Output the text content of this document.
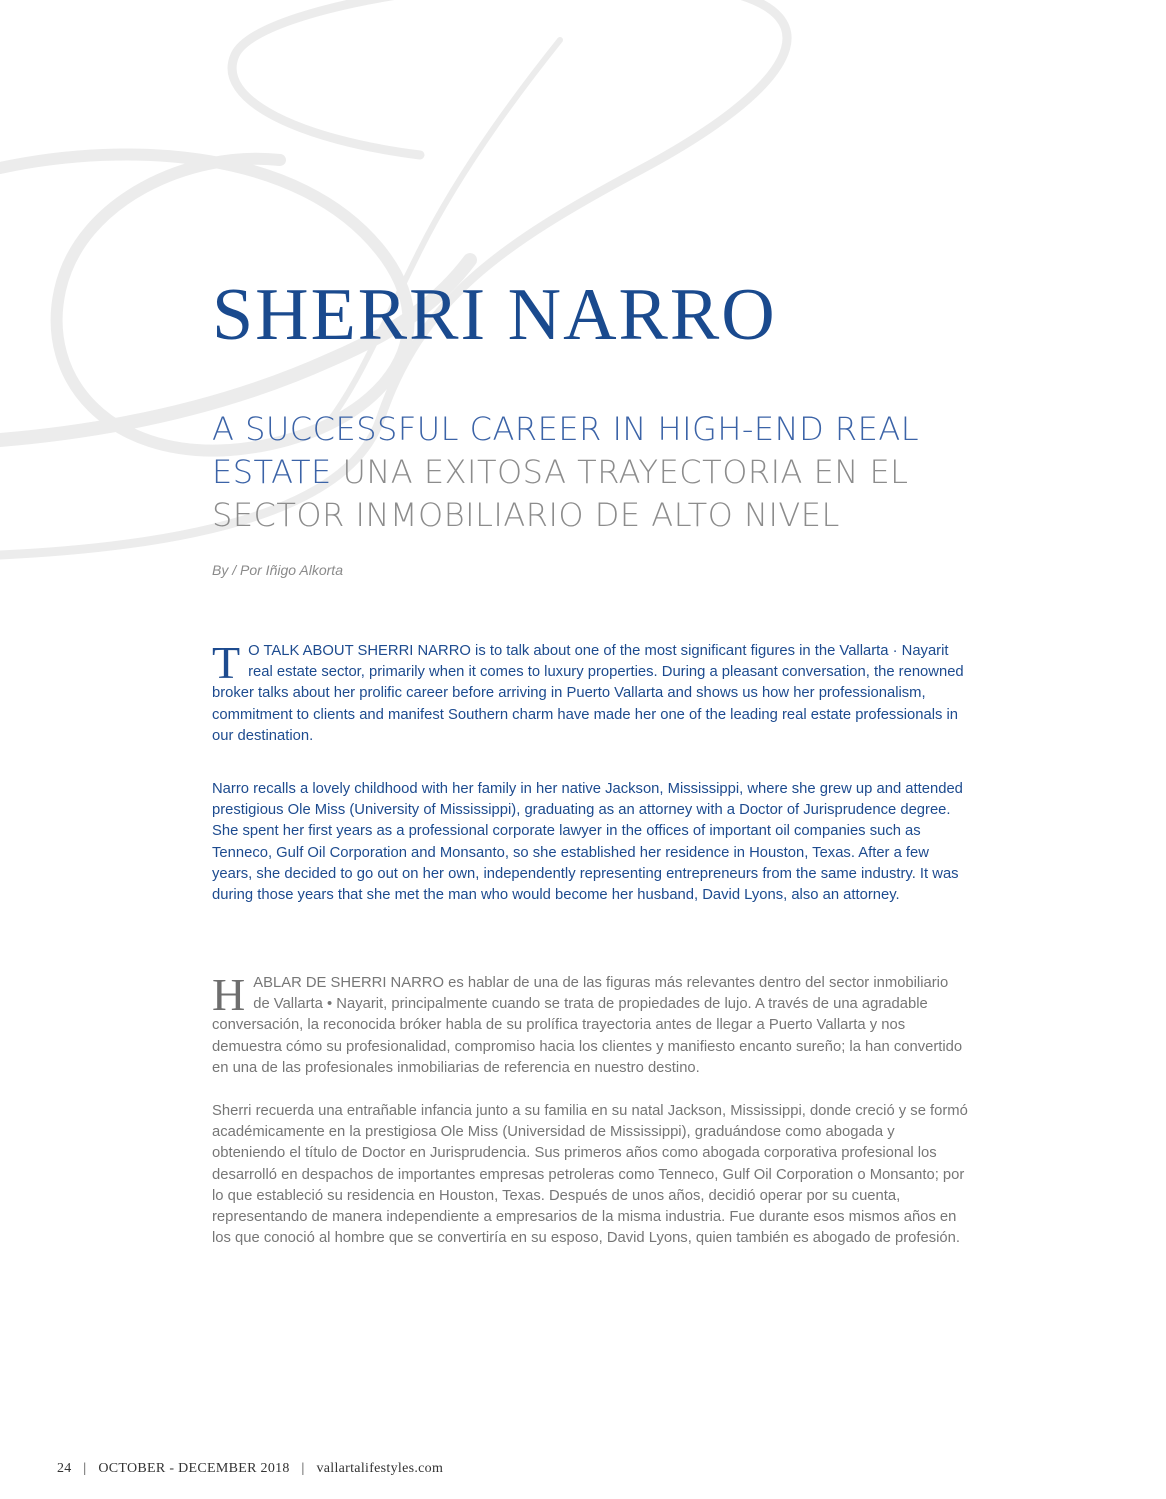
SHERRI NARRO
A SUCCESSFUL CAREER IN HIGH-END REAL ESTATE UNA EXITOSA TRAYECTORIA EN EL SECTOR INMOBILIARIO DE ALTO NIVEL

By / Por Iñigo Alkorta

T O TALK ABOUT SHERRI NARRO is to talk about one of the most significant figures in the Vallarta · Nayarit real estate sector, primarily when it comes to luxury properties. During a pleasant conversation, the renowned broker talks about her prolific career before arriving in Puerto Vallarta and shows us how her professionalism, commitment to clients and manifest Southern charm have made her one of the leading real estate professionals in our destination.

Narro recalls a lovely childhood with her family in her native Jackson, Mississippi, where she grew up and attended prestigious Ole Miss (University of Mississippi), graduating as an attorney with a Doctor of Jurisprudence degree. She spent her first years as a professional corporate lawyer in the offices of important oil companies such as Tenneco, Gulf Oil Corporation and Monsanto, so she established her residence in Houston, Texas. After a few years, she decided to go out on her own, independently representing entrepreneurs from the same industry. It was during those years that she met the man who would become her husband, David Lyons, also an attorney.

H ABLAR DE SHERRI NARRO es hablar de una de las figuras más relevantes dentro del sector inmobiliario de Vallarta • Nayarit, principalmente cuando se trata de propiedades de lujo. A través de una agradable conversación, la reconocida bróker habla de su prolífica trayectoria antes de llegar a Puerto Vallarta y nos demuestra cómo su profesionalidad, compromiso hacia los clientes y manifiesto encanto sureño; la han convertido en una de las profesionales inmobiliarias de referencia en nuestro destino.

Sherri recuerda una entrañable infancia junto a su familia en su natal Jackson, Mississippi, donde creció y se formó académicamente en la prestigiosa Ole Miss (Universidad de Mississippi), graduándose como abogada y obteniendo el título de Doctor en Jurisprudencia. Sus primeros años como abogada corporativa profesional los desarrolló en despachos de importantes empresas petroleras como Tenneco, Gulf Oil Corporation o Monsanto; por lo que estableció su residencia en Houston, Texas. Después de unos años, decidió operar por su cuenta, representando de manera independiente a empresarios de la misma industria. Fue durante esos mismos años en los que conoció al hombre que se convertiría en su esposo, David Lyons, quien también es abogado de profesión.

24 | OCTOBER - DECEMBER 2018 | vallartalifestyles.com
